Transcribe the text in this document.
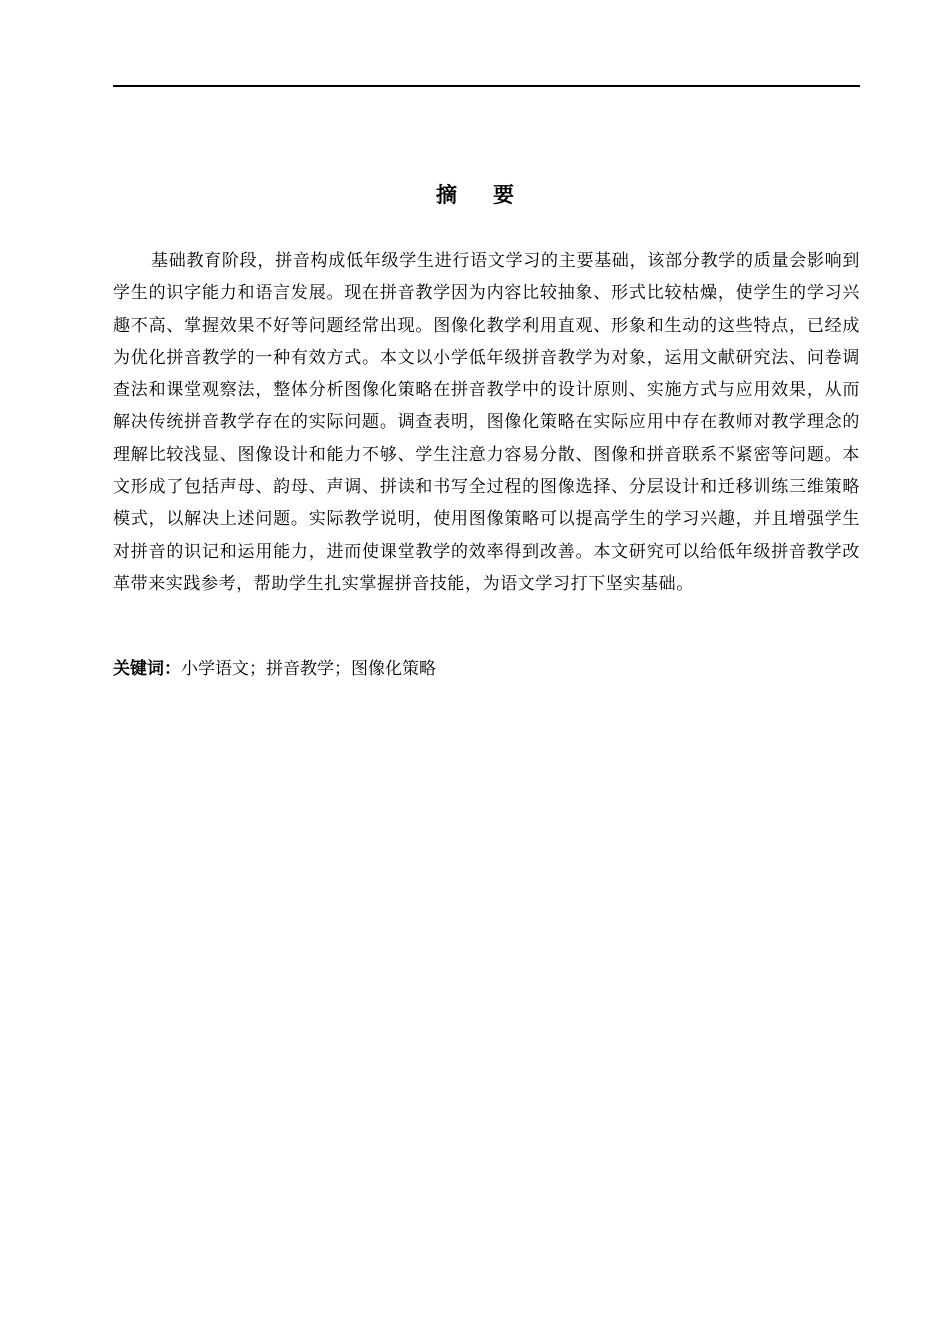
摘要

基础教育阶段，拼音构成低年级学生进行语文学习的主要基础，该部分教学的质量会影响到学生的识字能力和语言发展。现在拼音教学因为内容比较抽象、形式比较枯燥，使学生的学习兴趣不高、掌握效果不好等问题经常出现。图像化教学利用直观、形象和生动的这些特点，已经成为优化拼音教学的一种有效方式。本文以小学低年级拼音教学为对象，运用文献研究法、问卷调查法和课堂观察法，整体分析图像化策略在拼音教学中的设计原则、实施方式与应用效果，从而解决传统拼音教学存在的实际问题。调查表明，图像化策略在实际应用中存在教师对教学理念的理解比较浅显、图像设计和能力不够、学生注意力容易分散、图像和拼音联系不紧密等问题。本文形成了包括声母、韵母、声调、拼读和书写全过程的图像选择、分层设计和迁移训练三维策略模式，以解决上述问题。实际教学说明，使用图像策略可以提高学生的学习兴趣，并且增强学生对拼音的识记和运用能力，进而使课堂教学的效率得到改善。本文研究可以给低年级拼音教学改革带来实践参考，帮助学生扎实掌握拼音技能，为语文学习打下坚实基础。

关键词：小学语文；拼音教学；图像化策略
